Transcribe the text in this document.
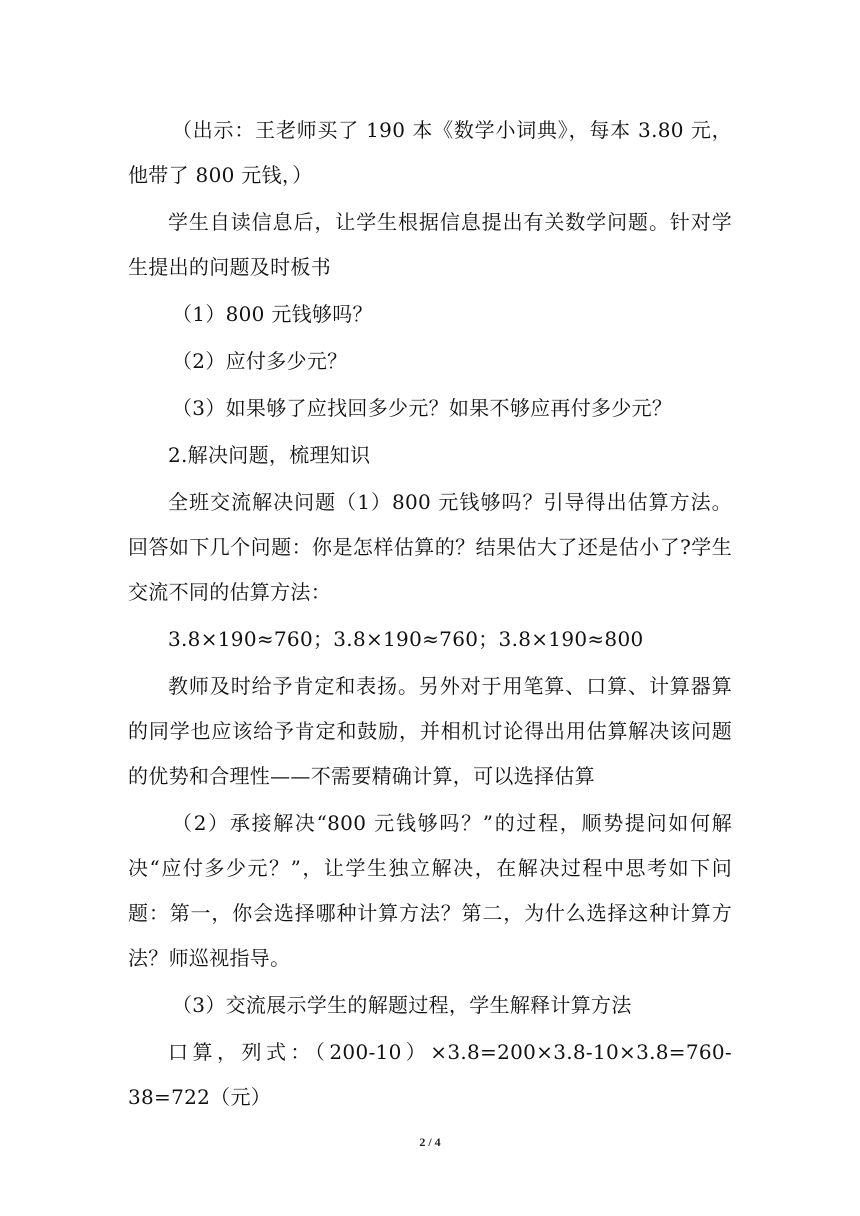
（出示：王老师买了 190 本《数学小词典》，每本 3.80 元，他带了 800 元钱，）

学生自读信息后，让学生根据信息提出有关数学问题。针对学生提出的问题及时板书

（1）800 元钱够吗？

（2）应付多少元？

（3）如果够了应找回多少元？如果不够应再付多少元？

2.解决问题，梳理知识

全班交流解决问题（1）800 元钱够吗？引导得出估算方法。回答如下几个问题：你是怎样估算的？结果估大了还是估小了?学生交流不同的估算方法：

3.8×190≈760；3.8×190≈760；3.8×190≈800

教师及时给予肯定和表扬。另外对于用笔算、口算、计算器算的同学也应该给予肯定和鼓励，并相机讨论得出用估算解决该问题的优势和合理性——不需要精确计算，可以选择估算

（2）承接解决“800 元钱够吗？”的过程，顺势提问如何解决“应付多少元？”，让学生独立解决，在解决过程中思考如下问题：第一，你会选择哪种计算方法？第二，为什么选择这种计算方法？师巡视指导。

（3）交流展示学生的解题过程，学生解释计算方法

口算，列式：（200-10）×3.8=200×3.8-10×3.8=760-38=722（元）

2 / 4
